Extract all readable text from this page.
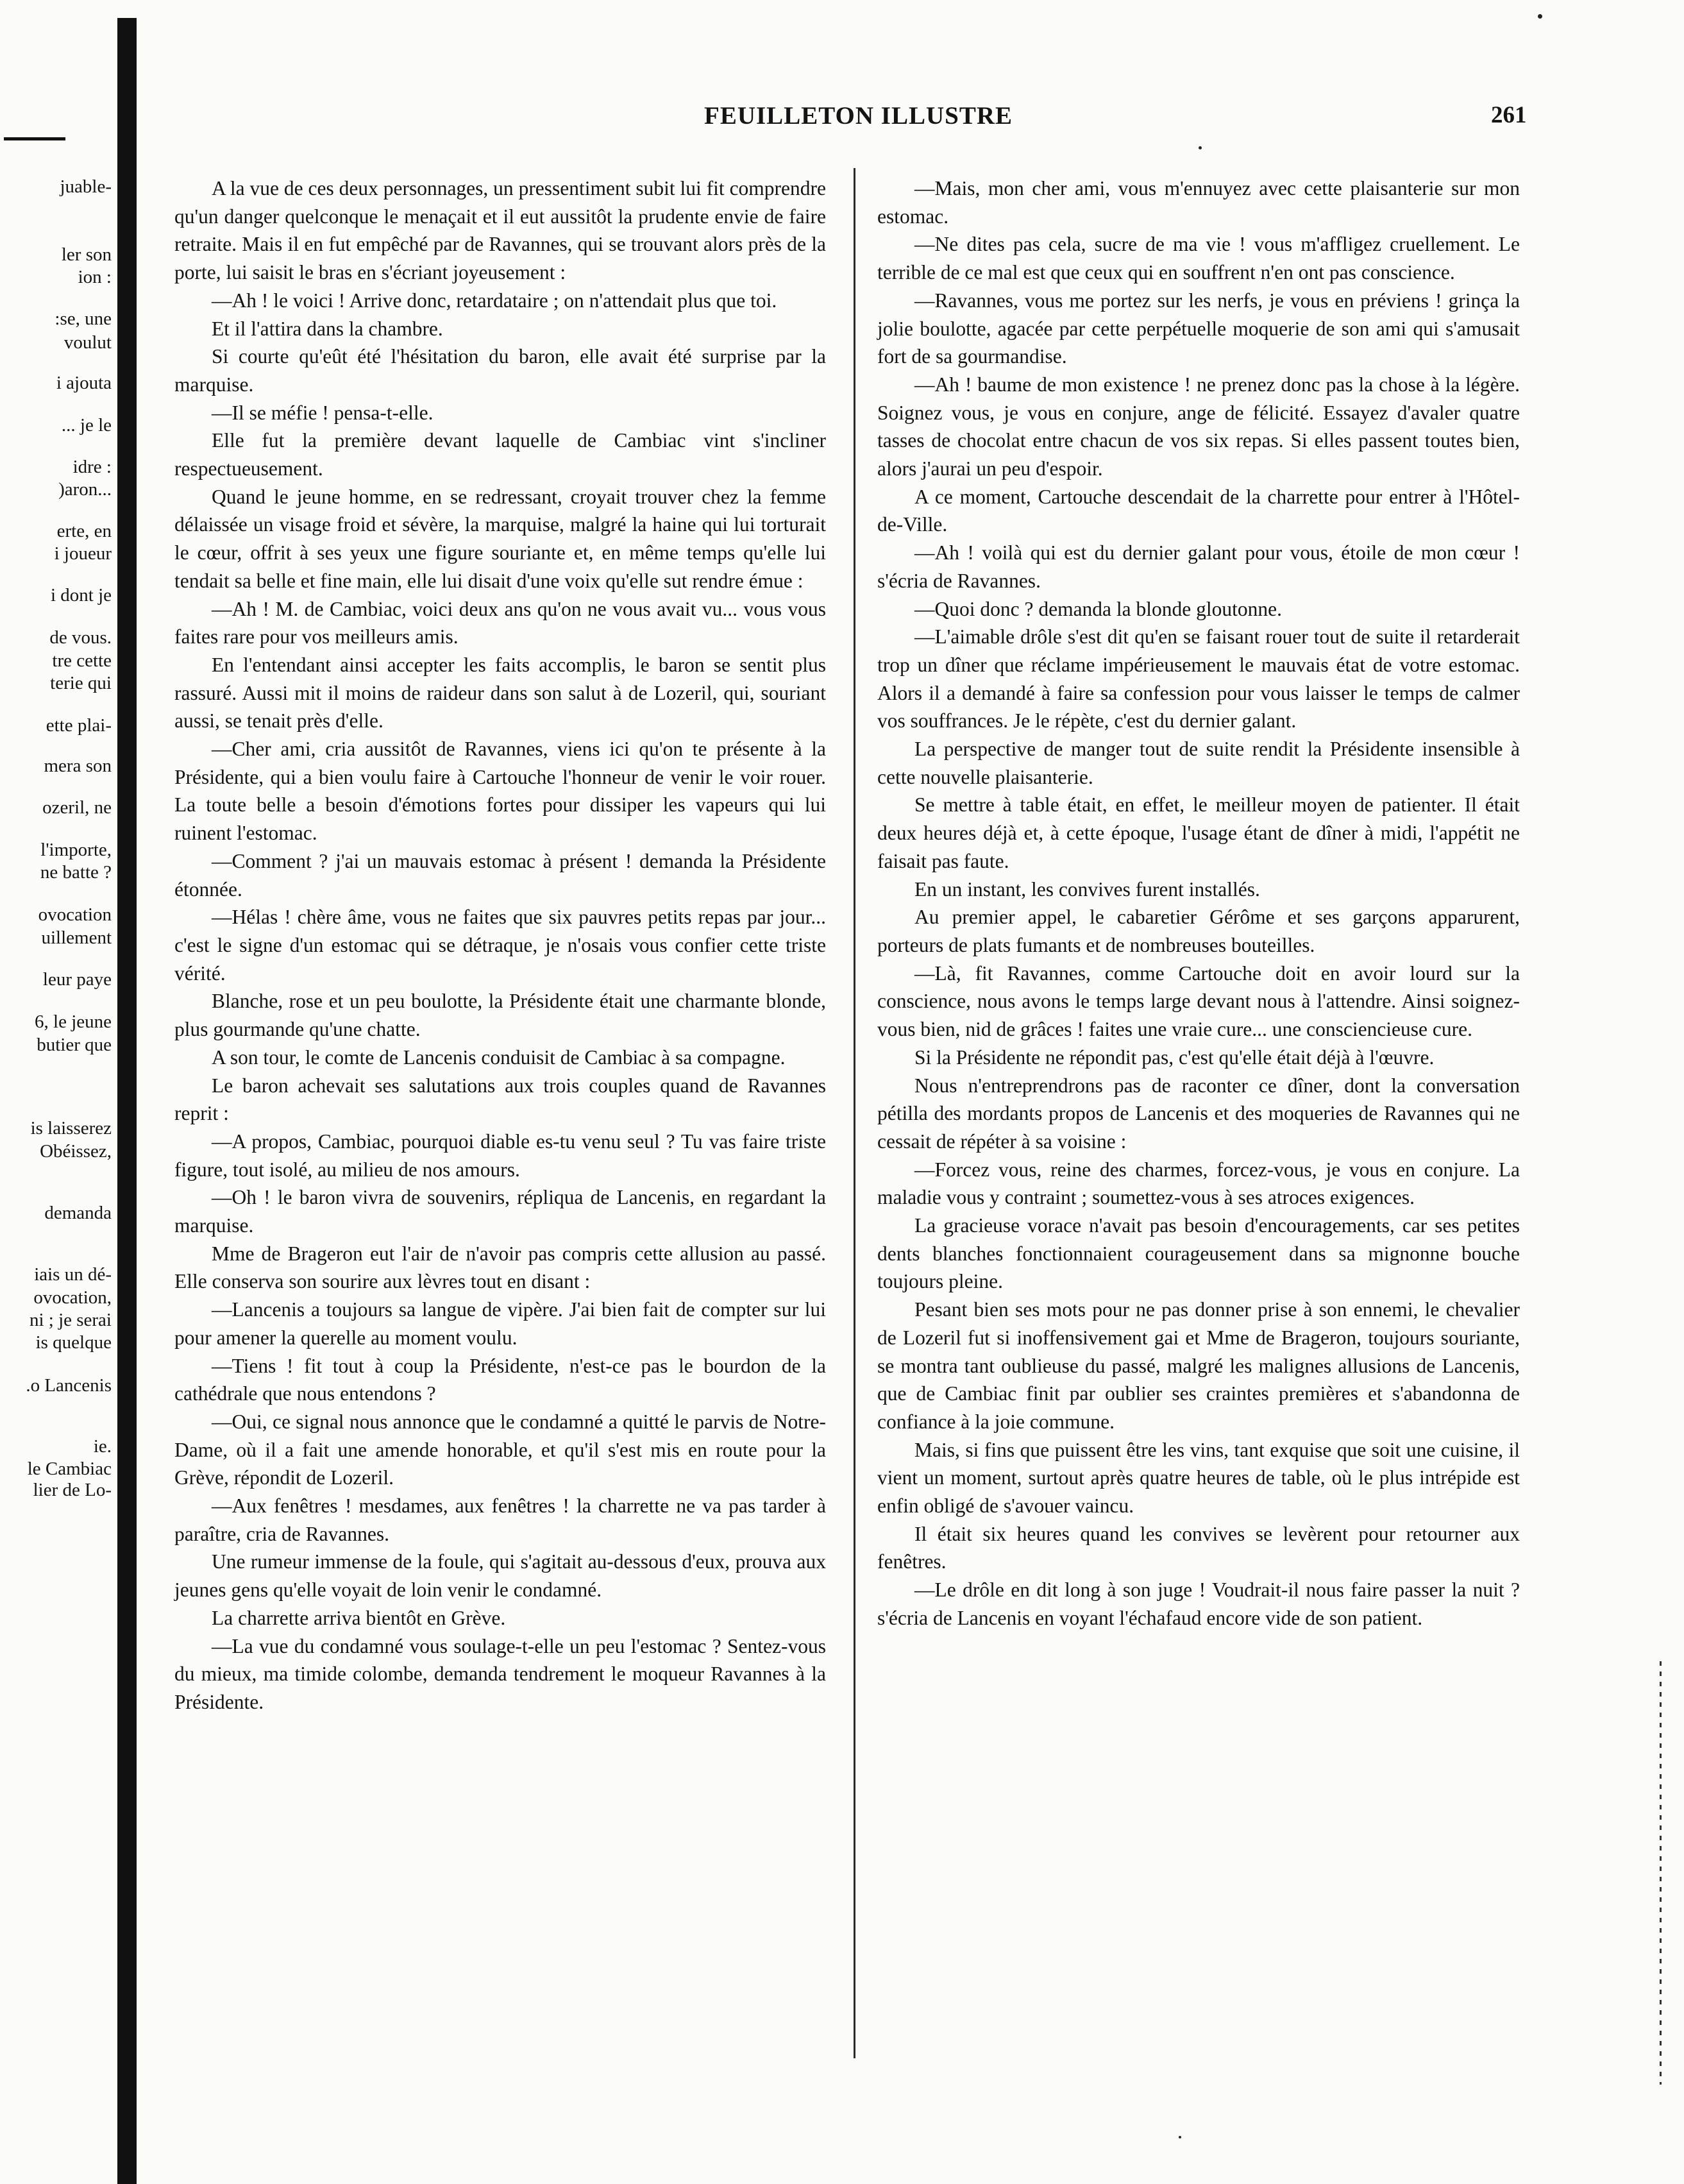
juable-
ler son
ion :
:se, une
voulut
i ajouta
... je le
idre :
)aron...
erte, en
i joueur
i dont je
de vous.
tre cette
terie qui
ette plai-
mera son
ozeril, ne
l'importe,
ne batte ?
ovocation
uillement
leur paye
6, le jeune
butier que
is laisserez
Obéissez,
demanda
iais un dé-
ovocation,
ni ; je serai
is quelque
.o Lancenis
ie.
le Cambiac
lier de Lo-
FEUILLETON ILLUSTRE	261

A la vue de ces deux personnages, un pressentiment subit lui fit comprendre qu'un danger quelconque le menaçait et il eut aussitôt la prudente envie de faire retraite. Mais il en fut empêché par de Ravannes, qui se trouvant alors près de la porte, lui saisit le bras en s'écriant joyeusement :

—Ah ! le voici ! Arrive donc, retardataire ; on n'attendait plus que toi.

Et il l'attira dans la chambre.

Si courte qu'eût été l'hésitation du baron, elle avait été surprise par la marquise.

—Il se méfie ! pensa-t-elle.

Elle fut la première devant laquelle de Cambiac vint s'incliner respectueusement.

Quand le jeune homme, en se redressant, croyait trouver chez la femme délaissée un visage froid et sévère, la marquise, malgré la haine qui lui torturait le cœur, offrit à ses yeux une figure souriante et, en même temps qu'elle lui tendait sa belle et fine main, elle lui disait d'une voix qu'elle sut rendre émue :

—Ah ! M. de Cambiac, voici deux ans qu'on ne vous avait vu... vous vous faites rare pour vos meilleurs amis.

En l'entendant ainsi accepter les faits accomplis, le baron se sentit plus rassuré. Aussi mit il moins de raideur dans son salut à de Lozeril, qui, souriant aussi, se tenait près d'elle.

—Cher ami, cria aussitôt de Ravannes, viens ici qu'on te présente à la Présidente, qui a bien voulu faire à Cartouche l'honneur de venir le voir rouer. La toute belle a besoin d'émotions fortes pour dissiper les vapeurs qui lui ruinent l'estomac.

—Comment ? j'ai un mauvais estomac à présent ! demanda la Présidente étonnée.

—Hélas ! chère âme, vous ne faites que six pauvres petits repas par jour... c'est le signe d'un estomac qui se détraque, je n'osais vous confier cette triste vérité.

Blanche, rose et un peu boulotte, la Présidente était une charmante blonde, plus gourmande qu'une chatte.

A son tour, le comte de Lancenis conduisit de Cambiac à sa compagne.

Le baron achevait ses salutations aux trois couples quand de Ravannes reprit :

—A propos, Cambiac, pourquoi diable es-tu venu seul ? Tu vas faire triste figure, tout isolé, au milieu de nos amours.

—Oh ! le baron vivra de souvenirs, répliqua de Lancenis, en regardant la marquise.

Mme de Brageron eut l'air de n'avoir pas compris cette allusion au passé. Elle conserva son sourire aux lèvres tout en disant :

—Lancenis a toujours sa langue de vipère. J'ai bien fait de compter sur lui pour amener la querelle au moment voulu.

—Tiens ! fit tout à coup la Présidente, n'est-ce pas le bourdon de la cathédrale que nous entendons ?

—Oui, ce signal nous annonce que le condamné a quitté le parvis de Notre-Dame, où il a fait une amende honorable, et qu'il s'est mis en route pour la Grève, répondit de Lozeril.

—Aux fenêtres ! mesdames, aux fenêtres ! la charrette ne va pas tarder à paraître, cria de Ravannes.

Une rumeur immense de la foule, qui s'agitait au-dessous d'eux, prouva aux jeunes gens qu'elle voyait de loin venir le condamné.

La charrette arriva bientôt en Grève.

—La vue du condamné vous soulage-t-elle un peu l'estomac ? Sentez-vous du mieux, ma timide colombe, demanda tendrement le moqueur Ravannes à la Présidente.

—Mais, mon cher ami, vous m'ennuyez avec cette plaisanterie sur mon estomac.

—Ne dites pas cela, sucre de ma vie ! vous m'affligez cruellement. Le terrible de ce mal est que ceux qui en souffrent n'en ont pas conscience.

—Ravannes, vous me portez sur les nerfs, je vous en préviens ! grinça la jolie boulotte, agacée par cette perpétuelle moquerie de son ami qui s'amusait fort de sa gourmandise.

—Ah ! baume de mon existence ! ne prenez donc pas la chose à la légère. Soignez vous, je vous en conjure, ange de félicité. Essayez d'avaler quatre tasses de chocolat entre chacun de vos six repas. Si elles passent toutes bien, alors j'aurai un peu d'espoir.

A ce moment, Cartouche descendait de la charrette pour entrer à l'Hôtel-de-Ville.

—Ah ! voilà qui est du dernier galant pour vous, étoile de mon cœur ! s'écria de Ravannes.

—Quoi donc ? demanda la blonde gloutonne.

—L'aimable drôle s'est dit qu'en se faisant rouer tout de suite il retarderait trop un dîner que réclame impérieusement le mauvais état de votre estomac. Alors il a demandé à faire sa confession pour vous laisser le temps de calmer vos souffrances. Je le répète, c'est du dernier galant.

La perspective de manger tout de suite rendit la Présidente insensible à cette nouvelle plaisanterie.

Se mettre à table était, en effet, le meilleur moyen de patienter. Il était deux heures déjà et, à cette époque, l'usage étant de dîner à midi, l'appétit ne faisait pas faute.

En un instant, les convives furent installés.

Au premier appel, le cabaretier Gérôme et ses garçons apparurent, porteurs de plats fumants et de nombreuses bouteilles.

—Là, fit Ravannes, comme Cartouche doit en avoir lourd sur la conscience, nous avons le temps large devant nous à l'attendre. Ainsi soignez-vous bien, nid de grâces ! faites une vraie cure... une consciencieuse cure.

Si la Présidente ne répondit pas, c'est qu'elle était déjà à l'œuvre.

Nous n'entreprendrons pas de raconter ce dîner, dont la conversation pétilla des mordants propos de Lancenis et des moqueries de Ravannes qui ne cessait de répéter à sa voisine :

—Forcez vous, reine des charmes, forcez-vous, je vous en conjure. La maladie vous y contraint ; soumettez-vous à ses atroces exigences.

La gracieuse vorace n'avait pas besoin d'encouragements, car ses petites dents blanches fonctionnaient courageusement dans sa mignonne bouche toujours pleine.

Pesant bien ses mots pour ne pas donner prise à son ennemi, le chevalier de Lozeril fut si inoffensivement gai et Mme de Brageron, toujours souriante, se montra tant oublieuse du passé, malgré les malignes allusions de Lancenis, que de Cambiac finit par oublier ses craintes premières et s'abandonna de confiance à la joie commune.

Mais, si fins que puissent être les vins, tant exquise que soit une cuisine, il vient un moment, surtout après quatre heures de table, où le plus intrépide est enfin obligé de s'avouer vaincu.

Il était six heures quand les convives se levèrent pour retourner aux fenêtres.

—Le drôle en dit long à son juge ! Voudrait-il nous faire passer la nuit ? s'écria de Lancenis en voyant l'échafaud encore vide de son patient.
